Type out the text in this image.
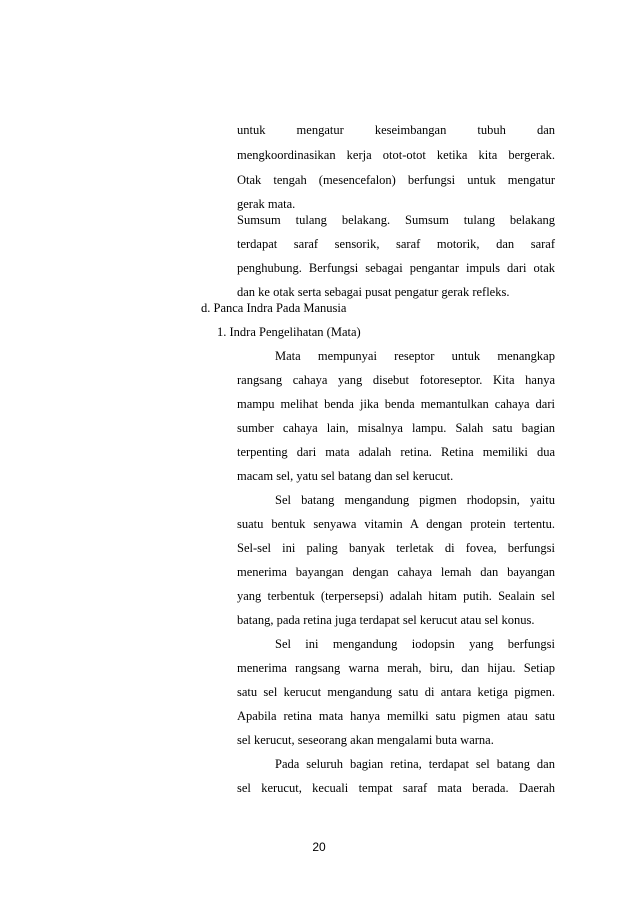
untuk mengatur keseimbangan tubuh dan
mengkoordinasikan kerja otot-otot ketika kita bergerak.
Otak tengah (mesencefalon) berfungsi untuk mengatur
gerak mata.
Sumsum tulang belakang. Sumsum tulang belakang
terdapat saraf sensorik, saraf motorik, dan saraf
penghubung. Berfungsi sebagai pengantar impuls dari otak
dan ke otak serta sebagai pusat pengatur gerak refleks.
d. Panca Indra Pada Manusia
1. Indra Pengelihatan (Mata)
Mata mempunyai reseptor untuk menangkap
rangsang cahaya yang disebut fotoreseptor. Kita hanya
mampu melihat benda jika benda memantulkan cahaya dari
sumber cahaya lain, misalnya lampu. Salah satu bagian
terpenting dari mata adalah retina. Retina memiliki dua
macam sel, yatu sel batang dan sel kerucut.
Sel batang mengandung pigmen rhodopsin, yaitu
suatu bentuk senyawa vitamin A dengan protein tertentu.
Sel-sel ini paling banyak terletak di fovea, berfungsi
menerima bayangan dengan cahaya lemah dan bayangan
yang terbentuk (terpersepsi) adalah hitam putih. Sealain sel
batang, pada retina juga terdapat sel kerucut atau sel konus.
Sel ini mengandung iodopsin yang berfungsi
menerima rangsang warna merah, biru, dan hijau. Setiap
satu sel kerucut mengandung satu di antara ketiga pigmen.
Apabila retina mata hanya memilki satu pigmen atau satu
sel kerucut, seseorang akan mengalami buta warna.
Pada seluruh bagian retina, terdapat sel batang dan
sel kerucut, kecuali tempat saraf mata berada. Daerah
20
